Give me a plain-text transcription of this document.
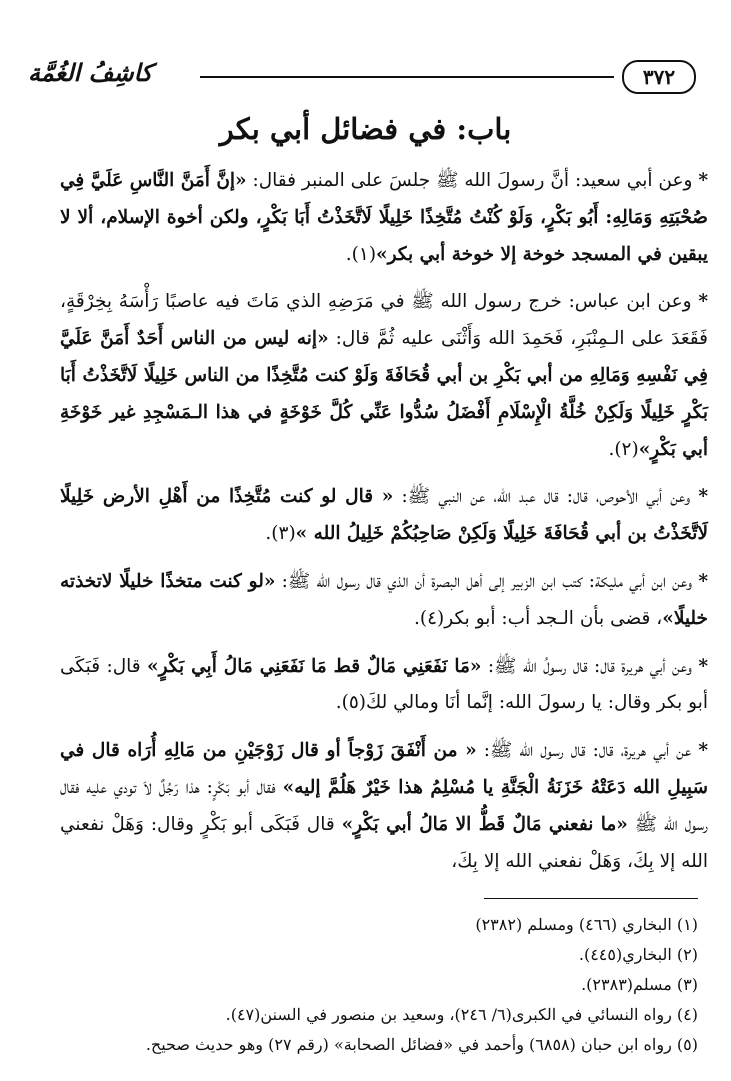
٣٧٢
كاشِفُ الغُمَّة
باب: في فضائل أبي بكر

* وعن أبي سعيد: أنَّ رسولَ الله ﷺ جلسَ على المنبر فقال: «إنَّ أَمَنَّ النَّاسِ عَلَيَّ فِي صُحْبَتِهِ وَمَالِهِ: أَبُو بَكْرٍ، وَلَوْ كُنْتُ مُتَّخِذًا خَلِيلًا لَاتَّخَذْتُ أَبَا بَكْرٍ، ولكن أخوة الإسلام، ألا لا يبقين في المسجد خوخة إلا خوخة أبي بكر»(١).

* وعن ابن عباس: خرج رسول الله ﷺ في مَرَضِهِ الذي مَاتَ فيه عاصبًا رَأْسَهُ بِخِرْقَةٍ، فَقَعَدَ على الـمِنْبَرِ، فَحَمِدَ الله وَأَثْنَى عليه ثُمَّ قال: «إنه ليس من الناس أَحَدٌ أَمَنَّ عَلَيَّ فِي نَفْسِهِ وَمَالِهِ من أبي بَكْرِ بن أبي قُحَافَةَ وَلَوْ كنت مُتَّخِذًا من الناس خَلِيلًا لَاتَّخَذْتُ أَبَا بَكْرٍ خَلِيلًا وَلَكِنْ خُلَّةُ الْإِسْلَامِ أَفْضَلُ سُدُّوا عَنِّي كُلَّ خَوْخَةٍ في هذا الـمَسْجِدِ غير خَوْخَةِ أبي بَكْرٍ»(٢).

* وعن أبي الأحوص، قال: قال عبد الله، عن النبي ﷺ: « قال لو كنت مُتَّخِذًا من أَهْلِ الأرض خَلِيلًا لَاتَّخَذْتُ بن أبي قُحَافَةَ خَلِيلًا وَلَكِنْ صَاحِبُكُمْ خَلِيلُ الله »(٣).

* وعن ابن أبي مليكة: كتب ابن الزبير إلى أهل البصرة أن الذي قال رسول الله ﷺ: «لو كنت متخذًا خليلًا لاتخذته خليلًا»، قضى بأن الـجد أب: أبو بكر(٤).

* وعن أبي هريرة قال: قال رسولُ الله ﷺ: «مَا نَفَعَنِي مَالٌ قط مَا نَفَعَنِي مَالُ أَبِي بَكْرٍ» قال: فَبَكَى أبو بكر وقال: يا رسولَ الله: إنَّما أنَا ومالي لكَ(٥).

* عن أبي هريرة، قال: قال رسول الله ﷺ: « من أَنْفَقَ زَوْجاً أو قال زَوْجَيْنِ من مَالِهِ أُرَاه قال في سَبِيلِ الله دَعَتْهُ خَزَنَةُ الْجَنَّةِ يا مُسْلِمُ هذا خَيْرٌ هَلُمَّ إليه» فقال أبو بَكْرٍ: هذا رَجُلٌ لاَ تودي عليه فقال رسول الله ﷺ «ما نفعني مَالٌ قَطُّ الا مَالُ أبي بَكْرٍ» قال فَبَكَى أبو بَكْرٍ وقال: وَهَلْ نفعني الله إلا بِكَ، وَهَلْ نفعني الله إلا بِكَ،

(١) البخاري (٤٦٦) ومسلم (٢٣٨٢)

(٢) البخاري(٤٤٥).

(٣) مسلم(٢٣٨٣).

(٤) رواه النسائي في الكبرى(٦/ ٢٤٦)، وسعيد بن منصور في السنن(٤٧).

(٥) رواه ابن حبان (٦٨٥٨) وأحمد في «فضائل الصحابة» (رقم ٢٧) وهو حديث صحيح.
